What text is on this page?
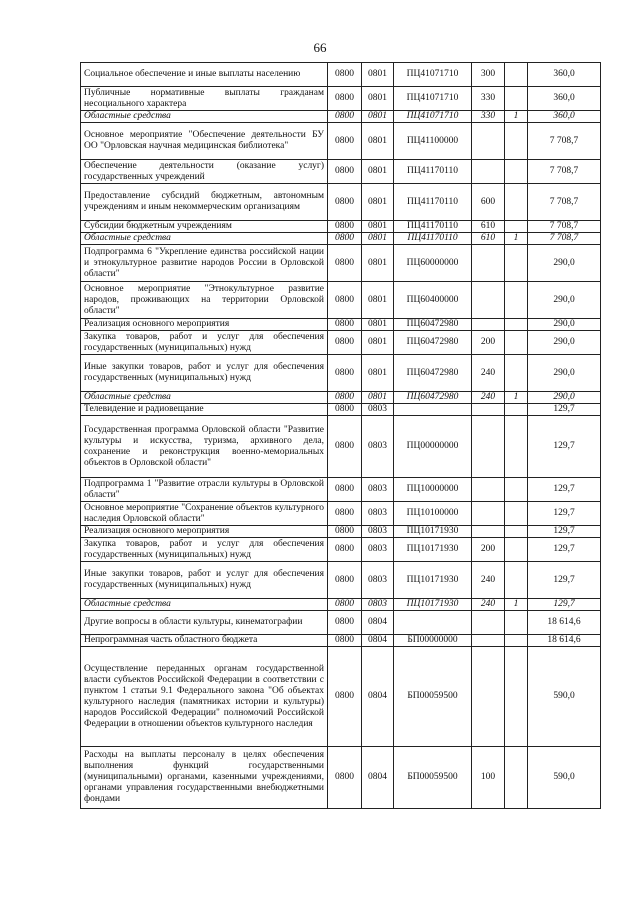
66
Социальное обеспечение и иные выплаты населению	0800	0801	ПЦ41071710	300		360,0
Публичные нормативные выплаты гражданам несоциального характера	0800	0801	ПЦ41071710	330		360,0
Областные средства	0800	0801	ПЦ41071710	330	1	360,0
Основное мероприятие "Обеспечение деятельности БУ ОО "Орловская научная медицинская библиотека"	0800	0801	ПЦ41100000			7 708,7
Обеспечение деятельности (оказание услуг) государственных учреждений	0800	0801	ПЦ41170110			7 708,7
Предоставление субсидий бюджетным, автономным учреждениям и иным некоммерческим организациям	0800	0801	ПЦ41170110	600		7 708,7
Субсидии бюджетным учреждениям	0800	0801	ПЦ41170110	610		7 708,7
Областные средства	0800	0801	ПЦ41170110	610	1	7 708,7
Подпрограмма 6 "Укрепление единства российской нации и этнокультурное развитие народов России в Орловской области"	0800	0801	ПЦ60000000			290,0
Основное мероприятие "Этнокультурное развитие народов, проживающих на территории Орловской области"	0800	0801	ПЦ60400000			290,0
Реализация основного мероприятия	0800	0801	ПЦ60472980			290,0
Закупка товаров, работ и услуг для обеспечения государственных (муниципальных) нужд	0800	0801	ПЦ60472980	200		290,0
Иные закупки товаров, работ и услуг для обеспечения государственных (муниципальных) нужд	0800	0801	ПЦ60472980	240		290,0
Областные средства	0800	0801	ПЦ60472980	240	1	290,0
Телевидение и радиовещание	0800	0803				129,7
Государственная программа Орловской области "Развитие культуры и искусства, туризма, архивного дела, сохранение и реконструкция военно-мемориальных объектов в Орловской области"	0800	0803	ПЦ00000000			129,7
Подпрограмма 1 "Развитие отрасли культуры в Орловской области"	0800	0803	ПЦ10000000			129,7
Основное мероприятие "Сохранение объектов культурного наследия Орловской области"	0800	0803	ПЦ10100000			129,7
Реализация основного мероприятия	0800	0803	ПЦ10171930			129,7
Закупка товаров, работ и услуг для обеспечения государственных (муниципальных) нужд	0800	0803	ПЦ10171930	200		129,7
Иные закупки товаров, работ и услуг для обеспечения государственных (муниципальных) нужд	0800	0803	ПЦ10171930	240		129,7
Областные средства	0800	0803	ПЦ10171930	240	1	129,7
Другие вопросы в области культуры, кинематографии	0800	0804				18 614,6
Непрограммная часть областного бюджета	0800	0804	БП00000000			18 614,6
Осуществление переданных органам государственной власти субъектов Российской Федерации в соответствии с пунктом 1 статьи 9.1 Федерального закона "Об объектах культурного наследия (памятниках истории и культуры) народов Российской Федерации" полномочий Российской Федерации в отношении объектов культурного наследия	0800	0804	БП00059500			590,0
Расходы на выплаты персоналу в целях обеспечения выполнения функций государственными (муниципальными) органами, казенными учреждениями, органами управления государственными внебюджетными фондами	0800	0804	БП00059500	100		590,0
